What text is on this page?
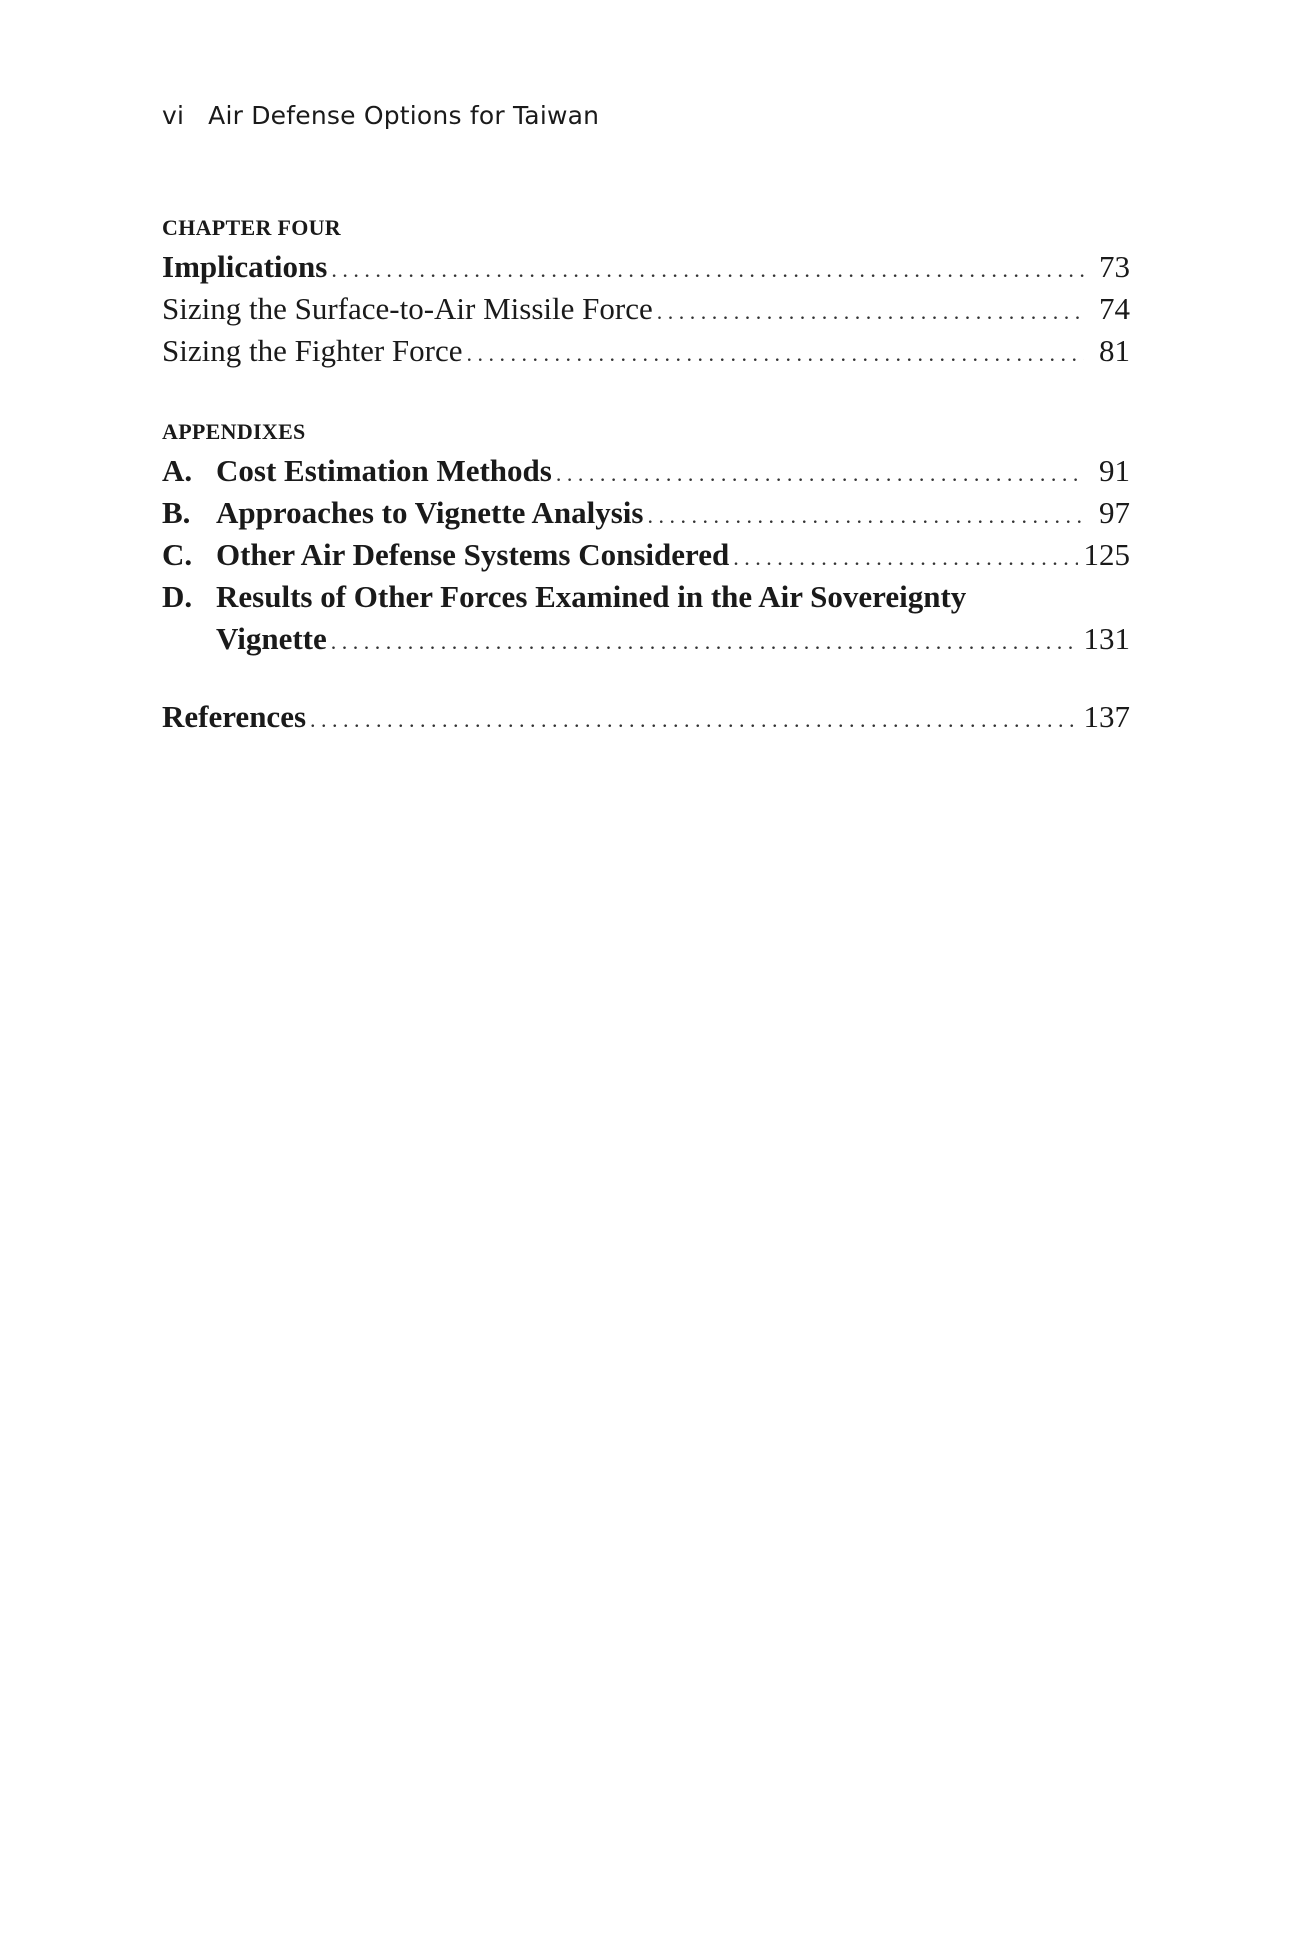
vi Air Defense Options for Taiwan
CHAPTER FOUR
Implications . . .	73
Sizing the Surface-to-Air Missile Force . . .	74
Sizing the Fighter Force . . .	81
APPENDIXES
A. Cost Estimation Methods . . .	91
B. Approaches to Vignette Analysis . . .	97
C. Other Air Defense Systems Considered . . .	125
D. Results of Other Forces Examined in the Air Sovereignty
Vignette . . .	131
References . . .	137
